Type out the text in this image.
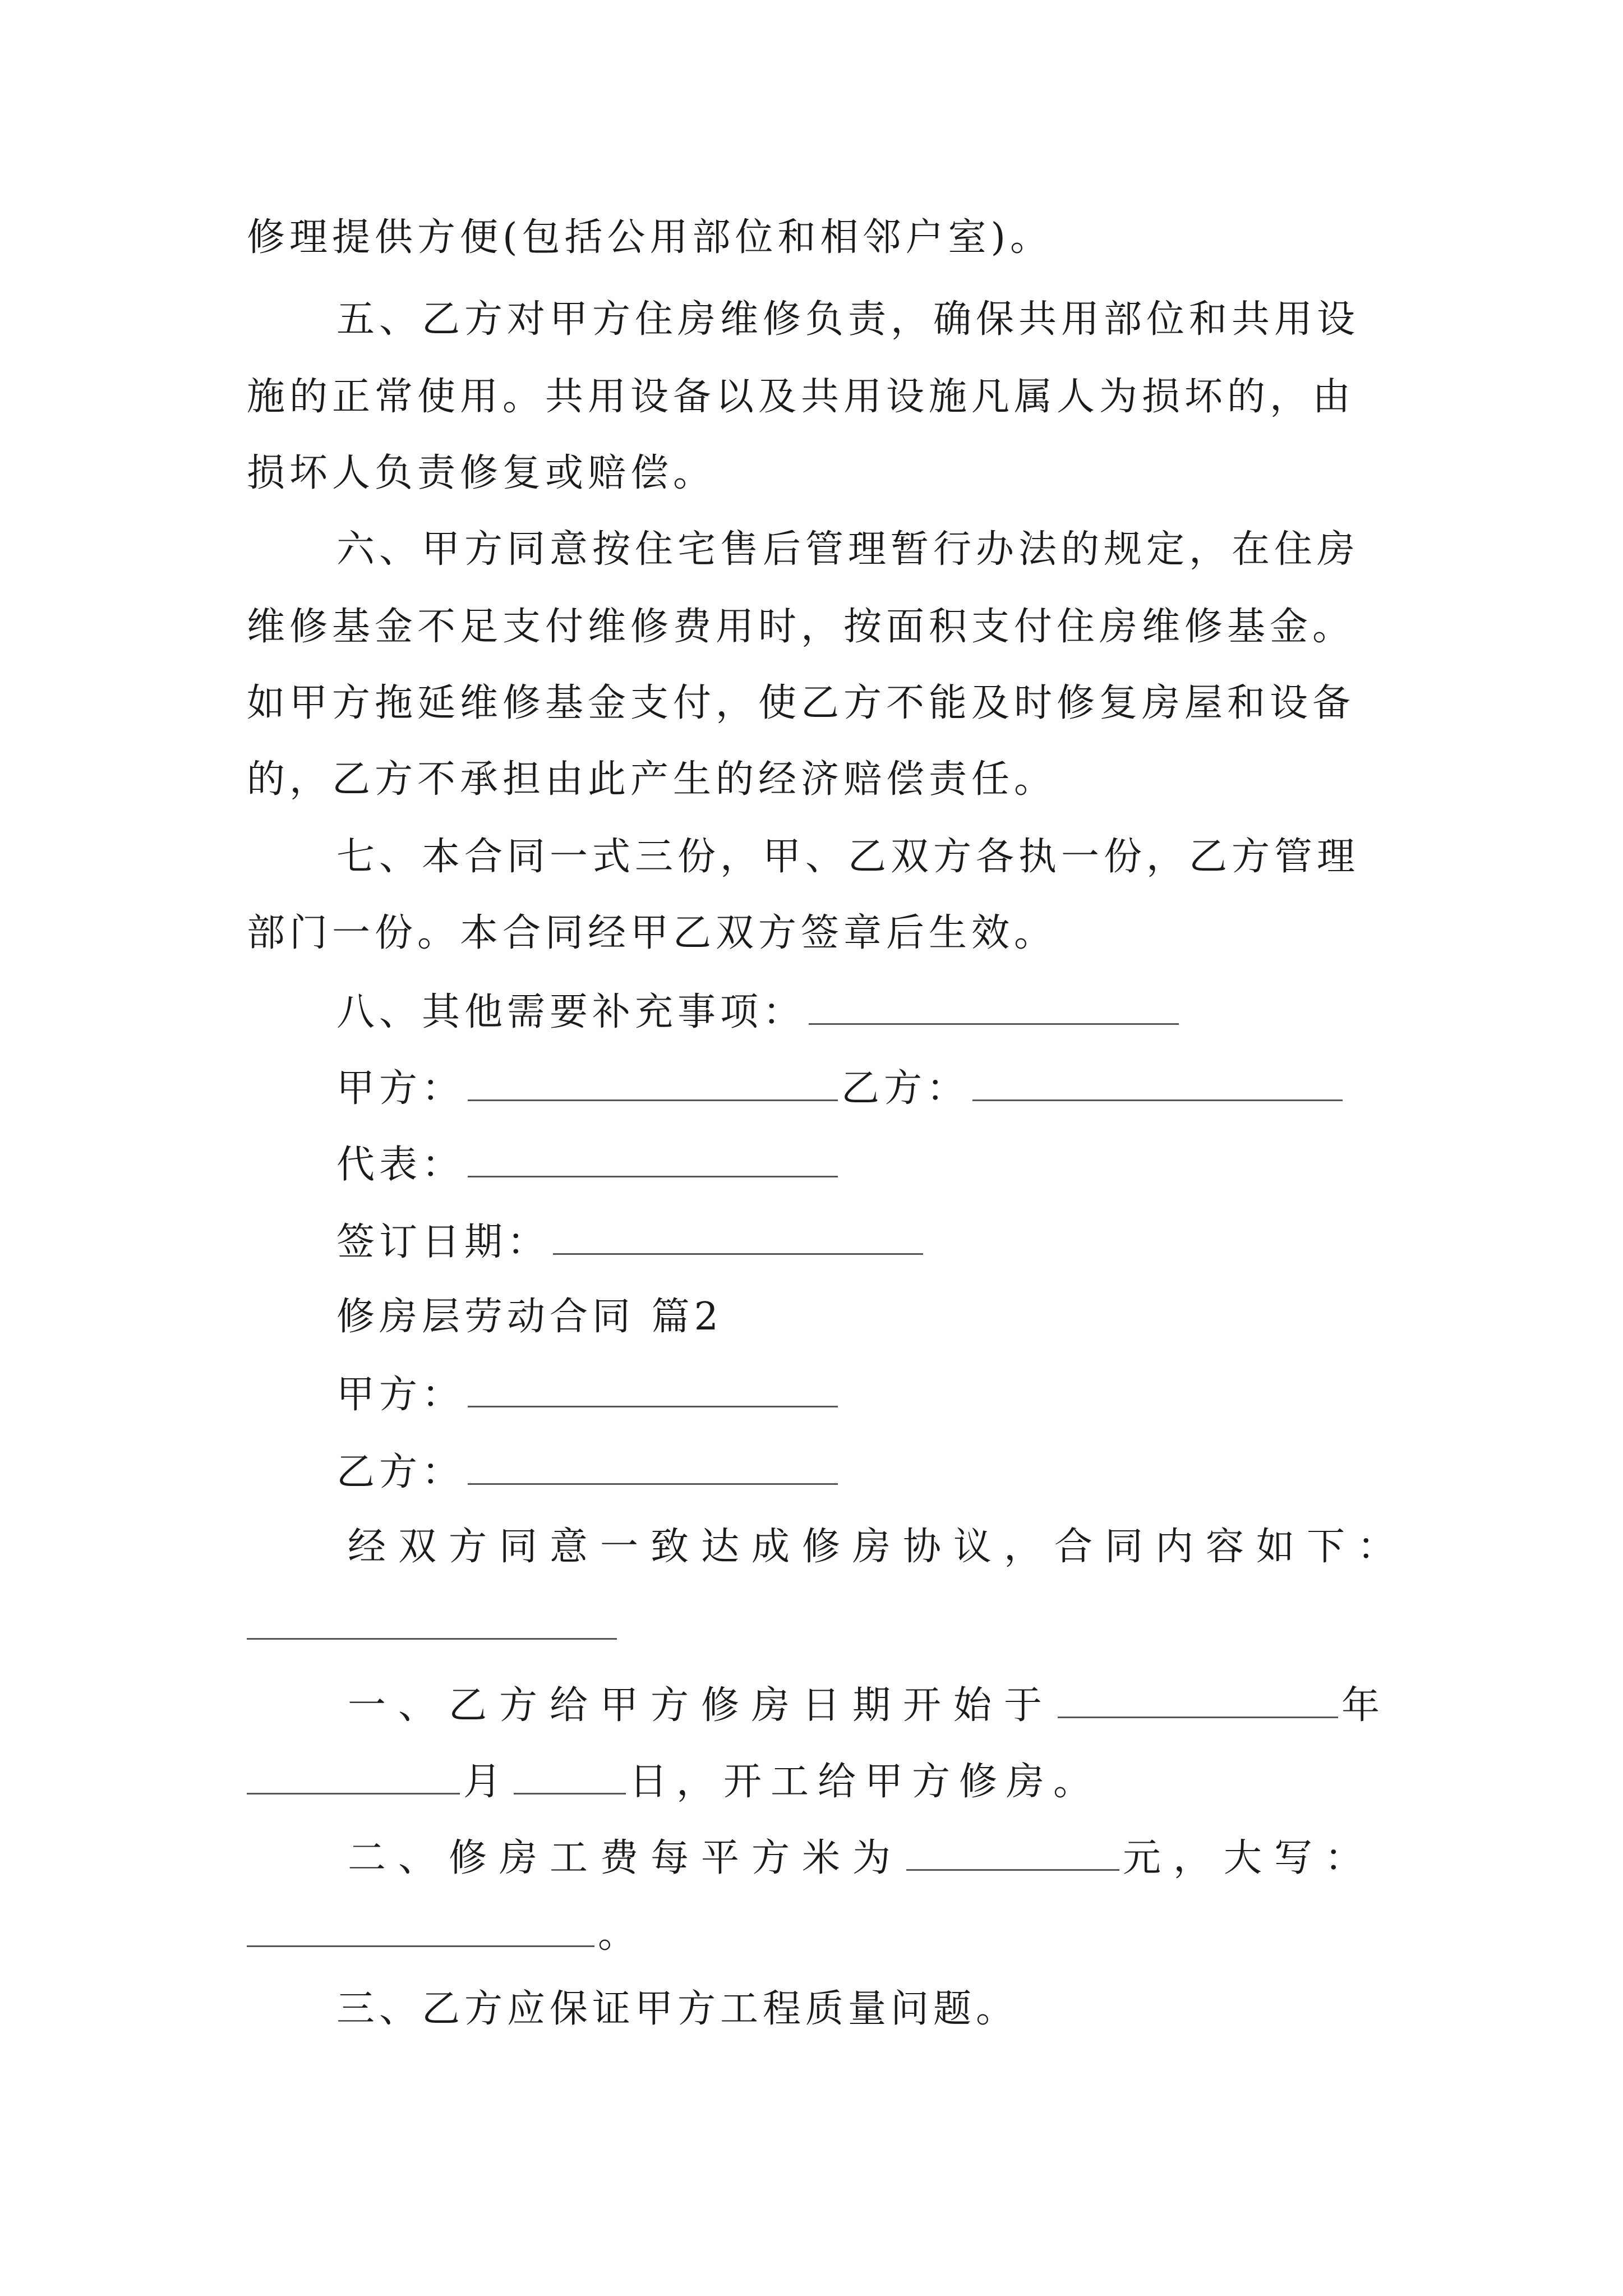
修理提供方便(包括公用部位和相邻户室)。
五、乙方对甲方住房维修负责，确保共用部位和共用设
施的正常使用。共用设备以及共用设施凡属人为损坏的，由
损坏人负责修复或赔偿。
六、甲方同意按住宅售后管理暂行办法的规定，在住房
维修基金不足支付维修费用时，按面积支付住房维修基金。
如甲方拖延维修基金支付，使乙方不能及时修复房屋和设备
的，乙方不承担由此产生的经济赔偿责任。
七、本合同一式三份，甲、乙双方各执一份，乙方管理
部门一份。本合同经甲乙双方签章后生效。
八、其他需要补充事项：
甲方：	乙方：
代表：
签订日期：
修房层劳动合同 篇2
甲方：
乙方：
经双方同意一致达成修房协议，合同内容如下：
一、乙方给甲方修房日期开始于	年
月	日，开工给甲方修房。
二、修房工费每平方米为	元，大写：
。
三、乙方应保证甲方工程质量问题。
